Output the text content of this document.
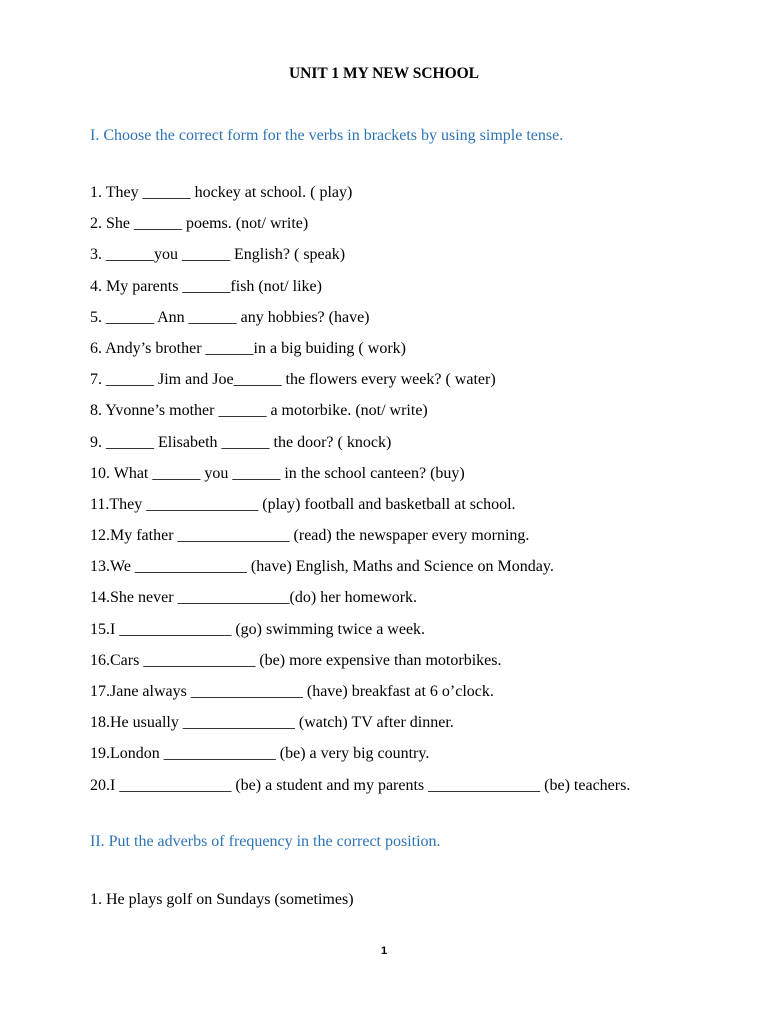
UNIT 1 MY NEW SCHOOL
I. Choose the correct form for the verbs in brackets by using simple tense.
1. They ______ hockey at school. ( play)
2. She ______ poems. (not/ write)
3. ______you ______ English? ( speak)
4. My parents ______fish (not/ like)
5. ______ Ann ______ any hobbies? (have)
6. Andy’s brother ______in a big buiding ( work)
7. ______ Jim and Joe______ the flowers every week? ( water)
8. Yvonne’s mother ______ a motorbike. (not/ write)
9. ______ Elisabeth ______ the door? ( knock)
10. What ______ you ______ in the school canteen? (buy)
11.They ______________ (play) football and basketball at school.
12.My father ______________ (read) the newspaper every morning.
13.We ______________ (have) English, Maths and Science on Monday.
14.She never ______________(do) her homework.
15.I ______________ (go) swimming twice a week.
16.Cars ______________ (be) more expensive than motorbikes.
17.Jane always ______________ (have) breakfast at 6 o’clock.
18.He usually ______________ (watch) TV after dinner.
19.London ______________ (be) a very big country.
20.I ______________ (be) a student and my parents ______________ (be) teachers.
II. Put the adverbs of frequency in the correct position.
1. He plays golf on Sundays (sometimes)
1
